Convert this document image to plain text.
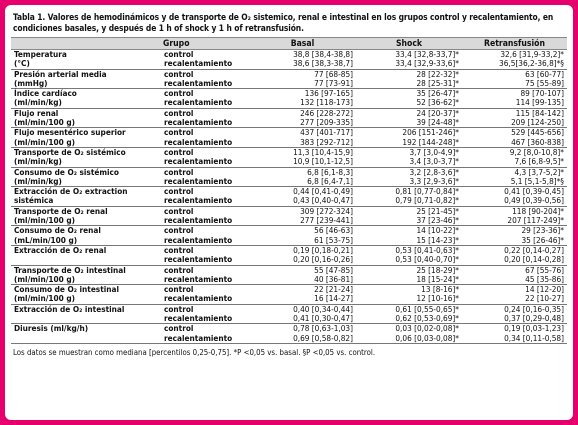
Tabla 1. Valores de hemodinámicos y de transporte de O₂ sistemico, renal e intestinal en los grupos control y recalentamiento, en condiciones basales, y después de 1 h of shock y 1 h of retransfusión.
	Grupo	Basal	Shock	Retransfusión
Temperatura	control	38,8 [38,4-38,8]	33,4 [32,8-33,7]*	32,6 [31,9-33,2]*
(°C)	recalentamiento	38,6 [38,3-38,7]	33,4 [32,9-33,6]*	36,5[36,2-36,8]*§
Presión arterial media	control	77 [68-85]	28 [22-32]*	63 [60-77]
(mmHg)	recalentamiento	77 [73-91]	28 [25-31]*	75 [55-89]
Índice cardíaco	control	136 [97-165]	35 [26-47]*	89 [70-107]
(ml/min/kg)	recalentamiento	132 [118-173]	52 [36-62]*	114 [99-135]
Flujo renal	control	246 [228-272]	24 [20-37]*	115 [84-142]
(ml/min/100 g)	recalentamiento	277 [209-335]	39 [24-48]*	209 [124-250]
Flujo mesentérico superior	control	437 [401-717]	206 [151-246]*	529 [445-656]
(ml/min/100 g)	recalentamiento	383 [292-712]	192 [144-248]*	467 [360-838]
Transporte de O₂ sistémico	control	11,3 [10,4-15,9]	3,7 [3,0-4,9]*	9,2 [8,0-10,8]*
(ml/min/kg)	recalentamiento	10,9 [10,1-12,5]	3,4 [3,0-3,7]*	7,6 [6,8-9,5]*
Consumo de O₂ sistémico	control	6,8 [6,1-8,3]	3,2 [2,8-3,6]*	4,3 [3,7-5,2]*
(ml/min/kg)	recalentamiento	6,8 [6,4-7,1]	3,3 [2,9-3,6]*	5,1 [5,1-5,8]*§
Extracción de O₂ extraction	control	0,44 [0,41-0,49]	0,81 [0,77-0,84]*	0,41 [0,39-0,45]
sistémica	recalentamiento	0,43 [0,40-0,47]	0,79 [0,71-0,82]*	0,49 [0,39-0,56]
Transporte de O₂ renal	control	309 [272-324]	25 [21-45]*	118 [90-204]*
(ml/min/100 g)	recalentamiento	277 [239-441]	37 [23-46]*	207 [117-249]*
Consumo de O₂ renal	control	56 [46-63]	14 [10-22]*	29 [23-36]*
(mL/min/100 g)	recalentamiento	61 [53-75]	15 [14-23]*	35 [26-46]*
Extracción de O₂ renal	control	0,19 [0,18-0,21]	0,53 [0,41-0,63]*	0,22 [0,14-0,27]
	recalentamiento	0,20 [0,16-0,26]	0,53 [0,40-0,70]*	0,20 [0,14-0,28]
Transporte de O₂ intestinal	control	55 [47-85]	25 [18-29]*	67 [55-76]
(ml/min/100 g)	recalentamiento	40 [36-81]	18 [15-24]*	45 [35-86]
Consumo de O₂ intestinal	control	22 [21-24]	13 [8-16]*	14 [12-20]
(ml/min/100 g)	recalentamiento	16 [14-27]	12 [10-16]*	22 [10-27]
Extracción de O₂ intestinal	control	0,40 [0,34-0,44]	0,61 [0,55-0,65]*	0,24 [0,16-0,35]
	recalentamiento	0,41 [0,30-0,47]	0,62 [0,53-0,69]*	0,37 [0,29-0,48]
Diuresis (ml/kg/h)	control	0,78 [0,63-1,03]	0,03 [0,02-0,08]*	0,19 [0,03-1,23]
	recalentamiento	0,69 [0,58-0,82]	0,06 [0,03-0,08]*	0,34 [0,11-0,58]
Los datos se muestran como mediana [percentilos 0,25-0,75]. *P <0,05 vs. basal. §P <0,05 vs. control.
